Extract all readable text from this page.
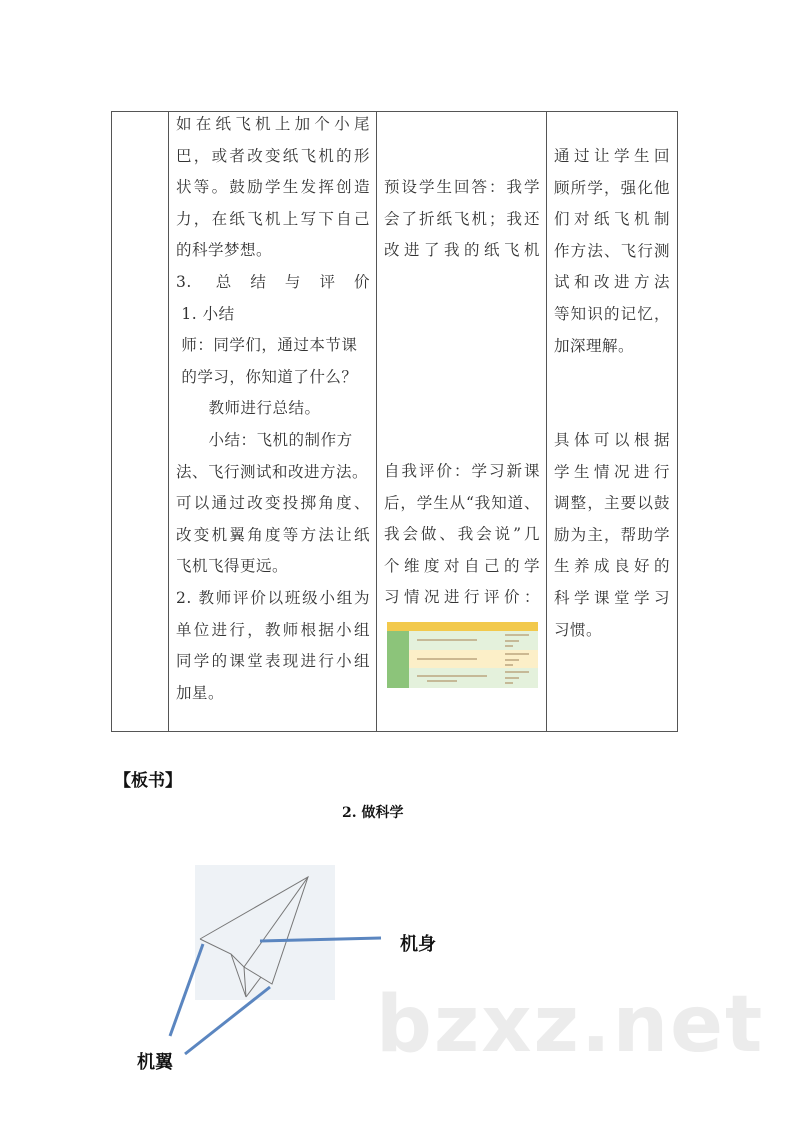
如在纸飞机上加个小尾
巴，或者改变纸飞机的形
状等。鼓励学生发挥创造
力，在纸飞机上写下自己
的科学梦想。
3. 总结与评价
1. 小结
师：同学们，通过本节课
的学习，你知道了什么？
教师进行总结。
小结：飞机的制作方
法、飞行测试和改进方法。
可以通过改变投掷角度、
改变机翼角度等方法让纸
飞机飞得更远。
2. 教师评价以班级小组为
单位进行，教师根据小组
同学的课堂表现进行小组
加星。
预设学生回答：我学
会了折纸飞机；我还
改进了我的纸飞机
自我评价：学习新课
后，学生从“我知道、
我会做、我会说”几
个维度对自己的学
习情况进行评价：
通过让学生回
顾所学，强化他
们对纸飞机制
作方法、飞行测
试和改进方法
等知识的记忆，
加深理解。
具体可以根据
学生情况进行
调整，主要以鼓
励为主，帮助学
生养成良好的
科学课堂学习
习惯。
【板书】
2. 做科学
机身
机翼	bzxz.net
